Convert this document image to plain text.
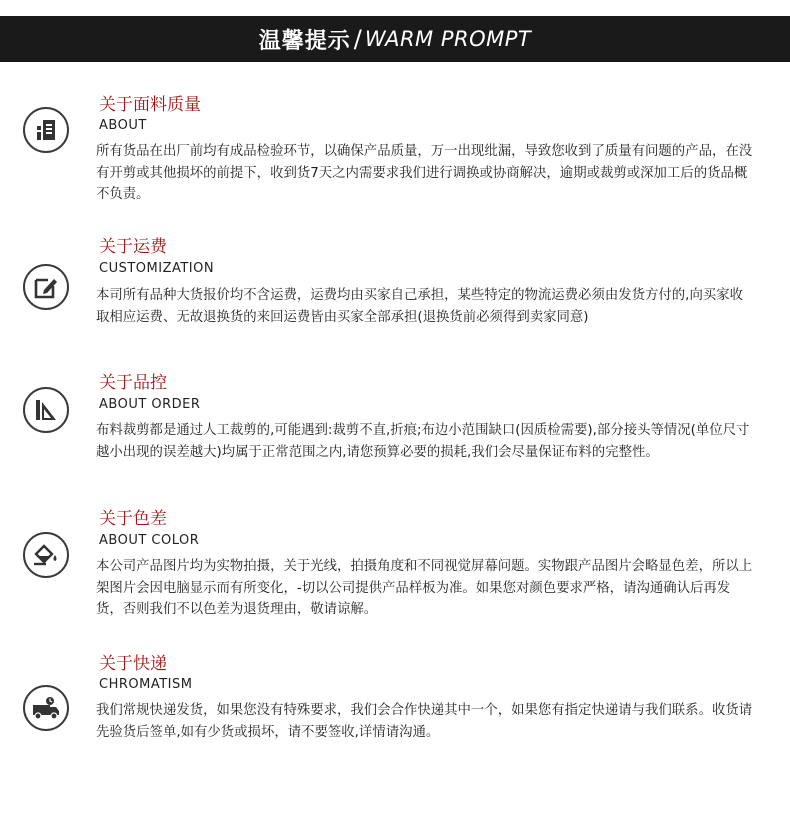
温馨提示 / WARM PROMPT
关于面料质量
ABOUT
所有货品在出厂前均有成品检验环节，以确保产品质量，万一出现纰漏，导致您收到了质量有问题的产品，在没有开剪或其他损坏的前提下，收到货7天之内需要求我们进行调换或协商解决，逾期或裁剪或深加工后的货品概不负责。
关于运费
CUSTOMIZATION
本司所有品种大货报价均不含运费，运费均由买家自己承担，某些特定的物流运费必须由发货方付的,向买家收取相应运费、无故退换货的来回运费皆由买家全部承担(退换货前必须得到卖家同意)
关于品控
ABOUT ORDER
布料裁剪都是通过人工裁剪的,可能遇到:裁剪不直,折痕;布边小范围缺口(因质检需要),部分接头等情况(单位尺寸越小出现的误差越大)均属于正常范围之内,请您预算必要的损耗,我们会尽量保证布料的完整性。
关于色差
ABOUT COLOR
本公司产品图片均为实物拍摄，关于光线，拍摄角度和不同视觉屏幕问题。实物跟产品图片会略显色差，所以上架图片会因电脑显示而有所变化，-切以公司提供产品样板为准。如果您对颜色要求严格，请沟通确认后再发货，否则我们不以色差为退货理由，敬请谅解。
关于快递
CHROMATISM
我们常规快递发货，如果您没有特殊要求，我们会合作快递其中一个，如果您有指定快递请与我们联系。收货请先验货后签单,如有少货或损坏，请不要签收,详情请沟通。
